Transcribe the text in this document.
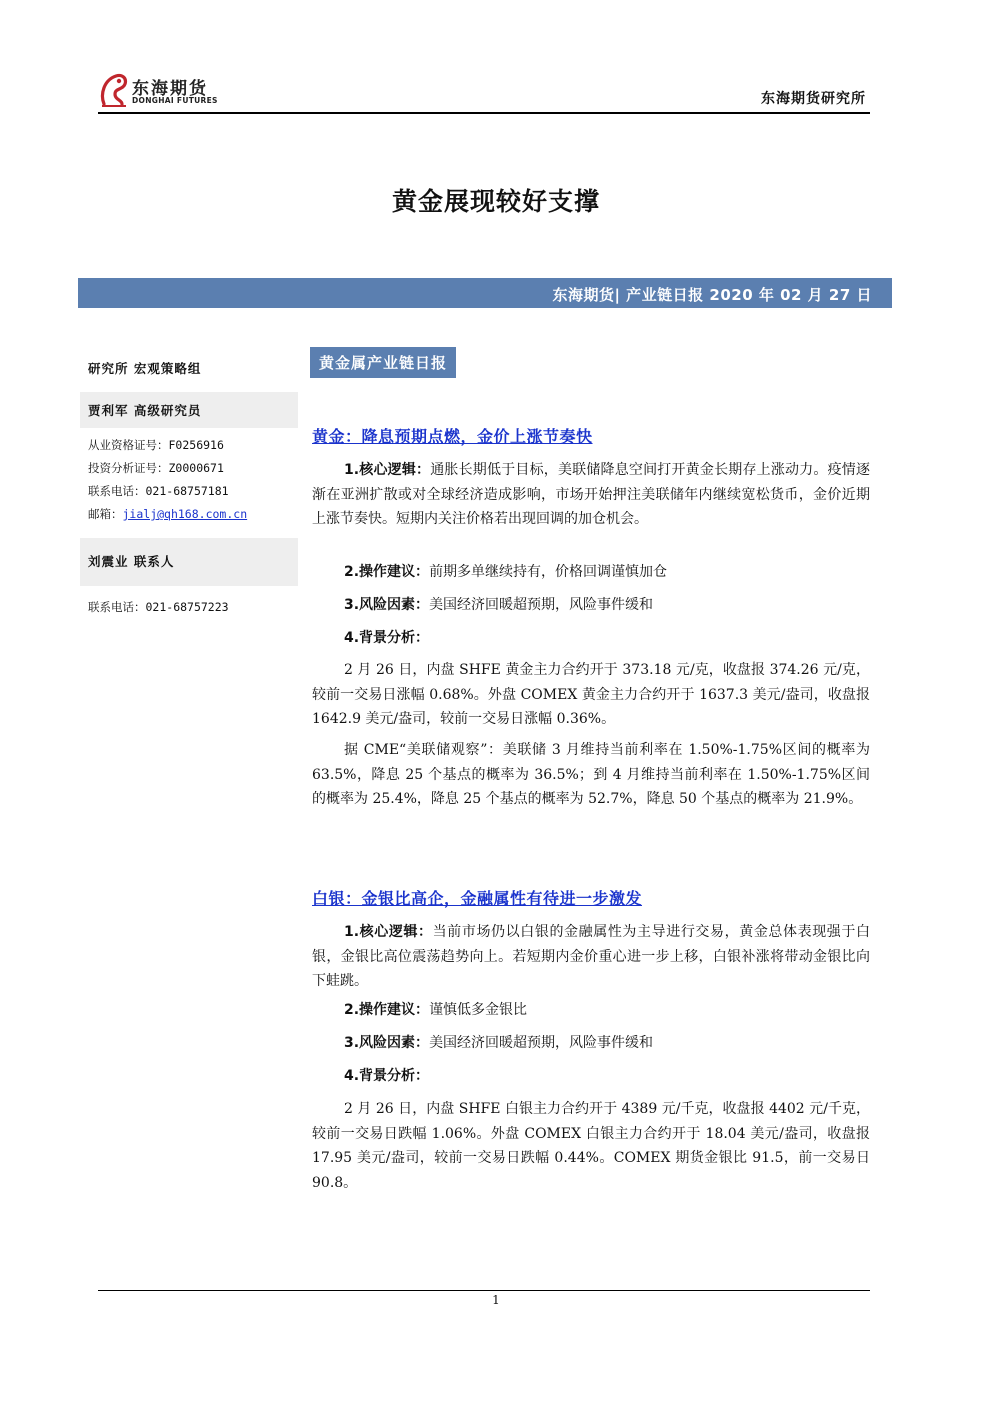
东海期货
DONGHAI FUTURES	东海期货研究所
黄金展现较好支撑
东海期货| 产业链日报 2020 年 02 月 27 日
研究所 宏观策略组
贾利军 高级研究员
从业资格证号：F0256916
投资分析证号：Z0000671
联系电话：021-68757181
邮箱：jialj@qh168.com.cn
刘震业 联系人
联系电话：021-68757223
黄金属产业链日报
黄金：降息预期点燃，金价上涨节奏快
1.核心逻辑：通胀长期低于目标，美联储降息空间打开黄金长期存上涨动力。疫情逐渐在亚洲扩散或对全球经济造成影响，市场开始押注美联储年内继续宽松货币，金价近期上涨节奏快。短期内关注价格若出现回调的加仓机会。
2.操作建议：前期多单继续持有，价格回调谨慎加仓
3.风险因素：美国经济回暖超预期，风险事件缓和
4.背景分析：
2 月 26 日，内盘 SHFE 黄金主力合约开于 373.18 元/克，收盘报 374.26 元/克，较前一交易日涨幅 0.68%。外盘 COMEX 黄金主力合约开于 1637.3 美元/盎司，收盘报 1642.9 美元/盎司，较前一交易日涨幅 0.36%。
据 CME“美联储观察”：美联储 3 月维持当前利率在 1.50%-1.75%区间的概率为 63.5%，降息 25 个基点的概率为 36.5%；到 4 月维持当前利率在 1.50%-1.75%区间的概率为 25.4%，降息 25 个基点的概率为 52.7%，降息 50 个基点的概率为 21.9%。
白银：金银比高企，金融属性有待进一步激发
1.核心逻辑：当前市场仍以白银的金融属性为主导进行交易，黄金总体表现强于白银，金银比高位震荡趋势向上。若短期内金价重心进一步上移，白银补涨将带动金银比向下蛙跳。
2.操作建议：谨慎低多金银比
3.风险因素：美国经济回暖超预期，风险事件缓和
4.背景分析：
2 月 26 日，内盘 SHFE 白银主力合约开于 4389 元/千克，收盘报 4402 元/千克，较前一交易日跌幅 1.06%。外盘 COMEX 白银主力合约开于 18.04 美元/盎司，收盘报 17.95 美元/盎司，较前一交易日跌幅 0.44%。COMEX 期货金银比 91.5，前一交易日 90.8。
1
